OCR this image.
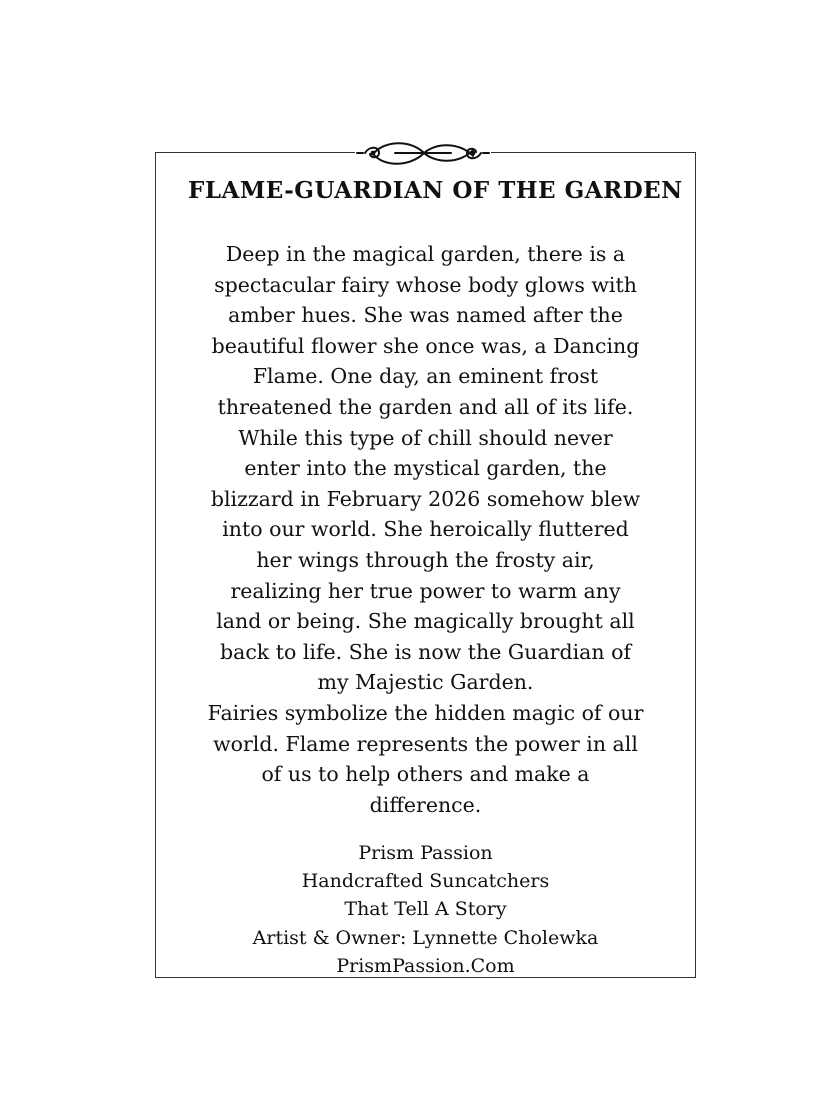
FLAME-GUARDIAN OF THE GARDEN

Deep in the magical garden, there is a

spectacular fairy whose body glows with

amber hues. She was named after the

beautiful flower she once was, a Dancing

Flame. One day, an eminent frost

threatened the garden and all of its life.

While this type of chill should never

enter into the mystical garden, the

blizzard in February 2026 somehow blew

into our world. She heroically fluttered

her wings through the frosty air,

realizing her true power to warm any

land or being. She magically brought all

back to life. She is now the Guardian of

my Majestic Garden.

Fairies symbolize the hidden magic of our

world. Flame represents the power in all

of us to help others and make a

difference.

Prism Passion
Handcrafted Suncatchers
That Tell A Story
Artist & Owner: Lynnette Cholewka
PrismPassion.Com
